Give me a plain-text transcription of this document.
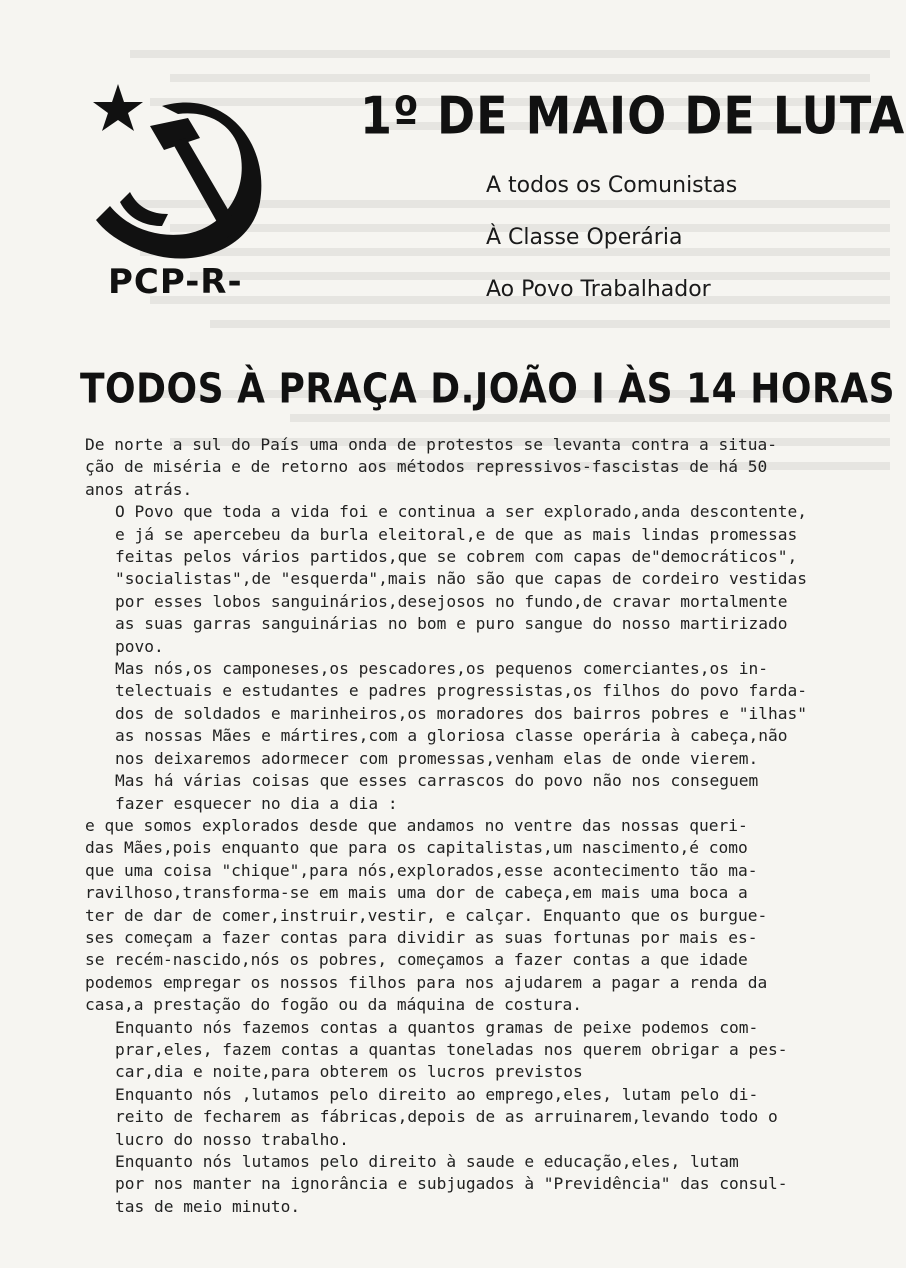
PCP-R-
1º DE MAIO DE LUTA
A todos os Comunistas
À Classe Operária
Ao Povo Trabalhador
TODOS À PRAÇA D.JOÃO I ÀS 14 HORAS
De norte a sul do País uma onda de protestos se levanta contra a situa-
ção de miséria e de retorno aos métodos repressivos-fascistas de há 50
anos atrás.
O Povo que toda a vida foi e continua a ser explorado,anda descontente,
e já se apercebeu da burla eleitoral,e de que as mais lindas promessas
feitas pelos vários partidos,que se cobrem com capas de"democráticos",
"socialistas",de "esquerda",mais não são que capas de cordeiro vestidas
por esses lobos sanguinários,desejosos no fundo,de cravar mortalmente
as suas garras sanguinárias no bom e puro sangue do nosso martirizado
povo.
Mas nós,os camponeses,os pescadores,os pequenos comerciantes,os in-
telectuais e estudantes e padres progressistas,os filhos do povo farda-
dos de soldados e marinheiros,os moradores dos bairros pobres e "ilhas"
as nossas Mães e mártires,com a gloriosa classe operária à cabeça,não
nos deixaremos adormecer com promessas,venham elas de onde vierem.
Mas há várias coisas que esses carrascos do povo não nos conseguem
fazer esquecer no dia a dia :
e que somos explorados desde que andamos no ventre das nossas queri-
das Mães,pois enquanto que para os capitalistas,um nascimento,é como
que uma coisa "chique",para nós,explorados,esse acontecimento tão ma-
ravilhoso,transforma-se em mais uma dor de cabeça,em mais uma boca a
ter de dar de comer,instruir,vestir, e calçar. Enquanto que os burgue-
ses começam a fazer contas para dividir as suas fortunas por mais es-
se recém-nascido,nós os pobres, começamos a fazer contas a que idade
podemos empregar os nossos filhos para nos ajudarem a pagar a renda da
casa,a prestação do fogão ou da máquina de costura.
Enquanto nós fazemos contas a quantos gramas de peixe podemos com-
prar,eles, fazem contas a quantas toneladas nos querem obrigar a pes-
car,dia e noite,para obterem os lucros previstos
Enquanto nós ,lutamos pelo direito ao emprego,eles, lutam pelo di-
reito de fecharem as fábricas,depois de as arruinarem,levando todo o
lucro do nosso trabalho.
Enquanto nós lutamos pelo direito à saude e educação,eles, lutam
por nos manter na ignorância e subjugados à "Previdência" das consul-
tas de meio minuto.
